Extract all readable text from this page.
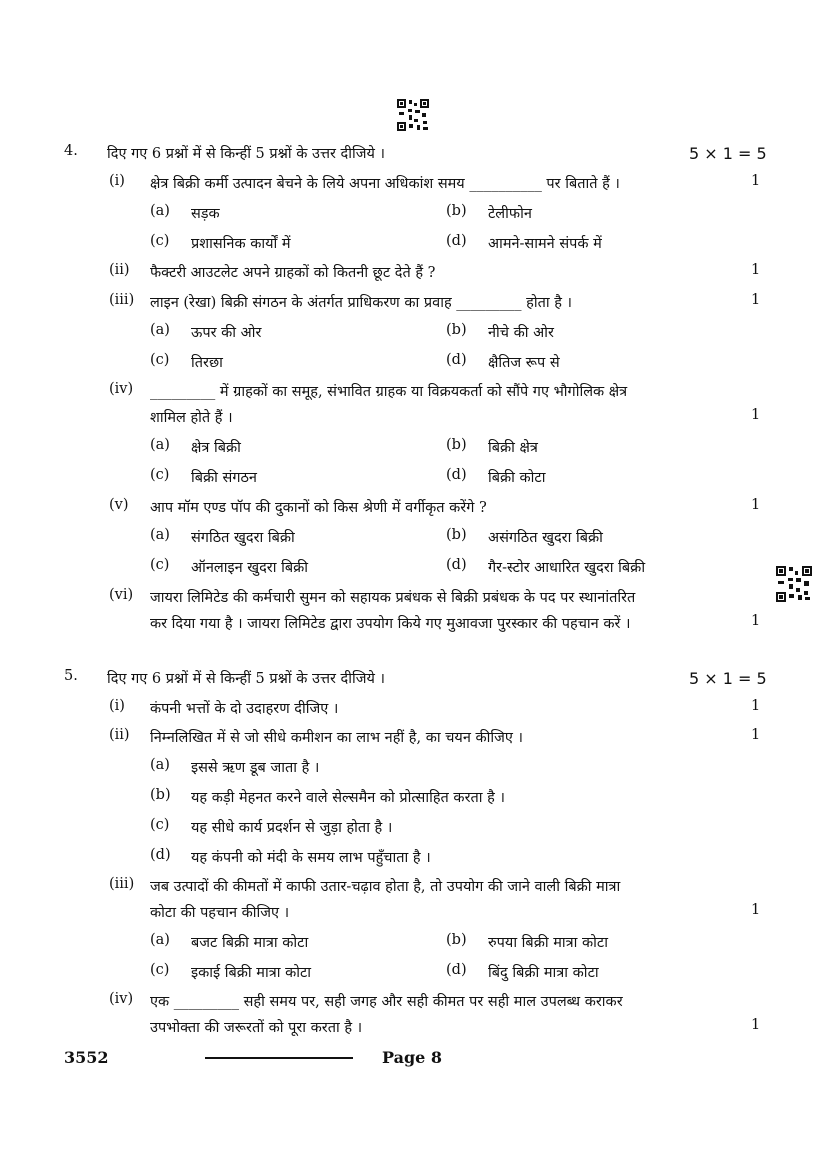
4. दिए गए 6 प्रश्नों में से किन्हीं 5 प्रश्नों के उत्तर दीजिये ।	5 × 1 = 5
(i) क्षेत्र बिक्री कर्मी उत्पादन बेचने के लिये अपना अधिकांश समय __________ पर बिताते हैं ।	1
(a) सड़क	(b) टेलीफोन
(c) प्रशासनिक कार्यों में	(d) आमने-सामने संपर्क में
(ii) फैक्टरी आउटलेट अपने ग्राहकों को कितनी छूट देते हैं ?	1
(iii) लाइन (रेखा) बिक्री संगठन के अंतर्गत प्राधिकरण का प्रवाह _________ होता है ।	1
(a) ऊपर की ओर	(b) नीचे की ओर
(c) तिरछा	(d) क्षैतिज रूप से
(iv) _________ में ग्राहकों का समूह, संभावित ग्राहक या विक्रयकर्ता को सौंपे गए भौगोलिक क्षेत्र
शामिल होते हैं ।	1
(a) क्षेत्र बिक्री	(b) बिक्री क्षेत्र
(c) बिक्री संगठन	(d) बिक्री कोटा
(v) आप मॉम एण्ड पॉप की दुकानों को किस श्रेणी में वर्गीकृत करेंगे ?	1
(a) संगठित खुदरा बिक्री	(b) असंगठित खुदरा बिक्री
(c) ऑनलाइन खुदरा बिक्री	(d) गैर-स्टोर आधारित खुदरा बिक्री
(vi) जायरा लिमिटेड की कर्मचारी सुमन को सहायक प्रबंधक से बिक्री प्रबंधक के पद पर स्थानांतरित
कर दिया गया है । जायरा लिमिटेड द्वारा उपयोग किये गए मुआवजा पुरस्कार की पहचान करें ।	1
5. दिए गए 6 प्रश्नों में से किन्हीं 5 प्रश्नों के उत्तर दीजिये ।	5 × 1 = 5
(i) कंपनी भत्तों के दो उदाहरण दीजिए ।	1
(ii) निम्नलिखित में से जो सीधे कमीशन का लाभ नहीं है, का चयन कीजिए ।	1
(a) इससे ऋण डूब जाता है ।
(b) यह कड़ी मेहनत करने वाले सेल्समैन को प्रोत्साहित करता है ।
(c) यह सीधे कार्य प्रदर्शन से जुड़ा होता है ।
(d) यह कंपनी को मंदी के समय लाभ पहुँचाता है ।
(iii) जब उत्पादों की कीमतों में काफी उतार-चढ़ाव होता है, तो उपयोग की जाने वाली बिक्री मात्रा
कोटा की पहचान कीजिए ।	1
(a) बजट बिक्री मात्रा कोटा	(b) रुपया बिक्री मात्रा कोटा
(c) इकाई बिक्री मात्रा कोटा	(d) बिंदु बिक्री मात्रा कोटा
(iv) एक _________ सही समय पर, सही जगह और सही कीमत पर सही माल उपलब्ध कराकर
उपभोक्ता की जरूरतों को पूरा करता है ।	1
3552	Page 8
